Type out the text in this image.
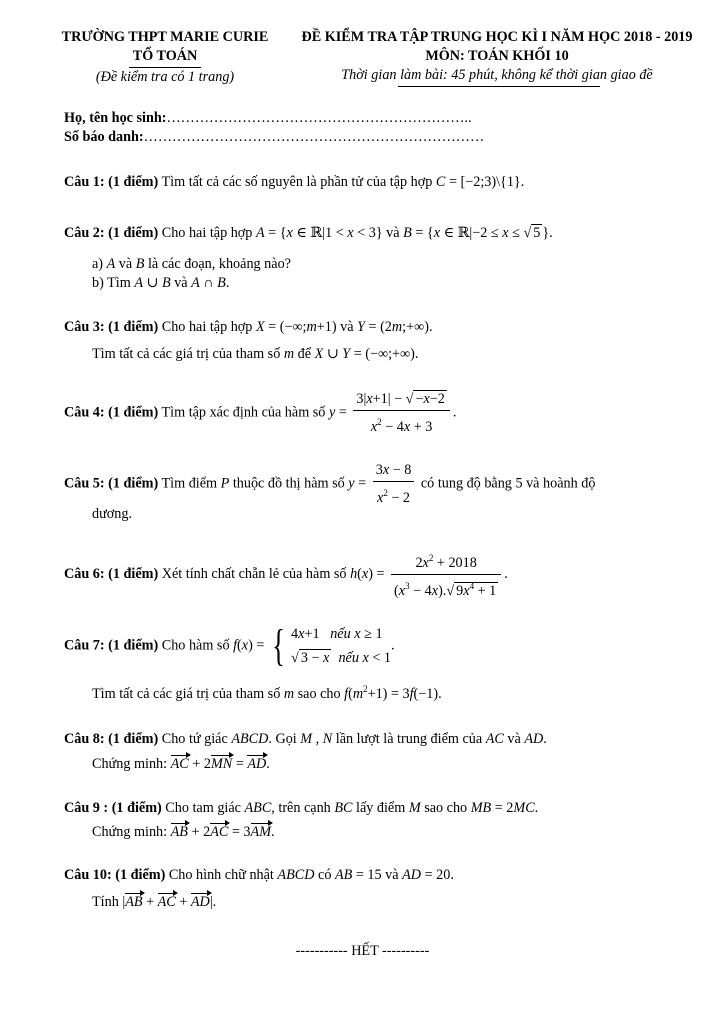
TRƯỜNG THPT MARIE CURIE
TỔ TOÁN
(Đề kiểm tra có 1 trang)
ĐỀ KIỂM TRA TẬP TRUNG HỌC KÌ I NĂM HỌC 2018 - 2019
MÔN: TOÁN KHỐI 10
Thời gian làm bài: 45 phút, không kể thời gian giao đề
Họ, tên học sinh:………………………………………………………..
Số báo danh:………………………………………………………………
Câu 1: (1 điểm) Tìm tất cả các số nguyên là phần tử của tập hợp C = [−2;3)\{1}.
Câu 2: (1 điểm) Cho hai tập hợp A = {x ∈ ℝ|1 < x < 3} và B = {x ∈ ℝ|−2 ≤ x ≤ √ 5 }.
a) A và B là các đoạn, khoảng nào?
b) Tìm A ∪ B và A ∩ B.
Câu 3: (1 điểm) Cho hai tập hợp X = (−∞;m+1) và Y = (2m;+∞).
Tìm tất cả các giá trị của tham số m để X ∪ Y = (−∞;+∞).
Câu 4: (1 điểm) Tìm tập xác định của hàm số $y = \frac{3|x+1| - √ -x-2}{x^2 - 4x + 3}$ .
Câu 5: (1 điểm) Tìm điểm P thuộc đồ thị hàm số $y = \frac{3x - 8}{x^2 - 2}$ có tung độ bằng 5 và hoành độ
dương.
Câu 6: (1 điểm) Xét tính chất chẵn lẻ của hàm số $h(x) = \frac{2x^2 + 2018}{(x^3 - 4x).√ 9x^4 + 1}$ .
Câu 7: (1 điểm) Cho hàm số f(x) = { 4x+1   nếu x ≥ 1
√ 3 − x nếu x < 1
.
Tìm tất cả các giá trị của tham số m sao cho $f(m^2+1) = 3f(-1)$.
Câu 8: (1 điểm) Cho tứ giác ABCD. Gọi M , N lần lượt là trung điểm của AC và AD.
Chứng minh: AC + 2MN = AD.
Câu 9 : (1 điểm) Cho tam giác ABC, trên cạnh BC lấy điểm M sao cho MB = 2MC.
Chứng minh: AB + 2AC = 3AM.
Câu 10: (1 điểm) Cho hình chữ nhật ABCD có AB = 15 và AD = 20.
Tính |AB + AC + AD|.
----------- HẾT ----------
